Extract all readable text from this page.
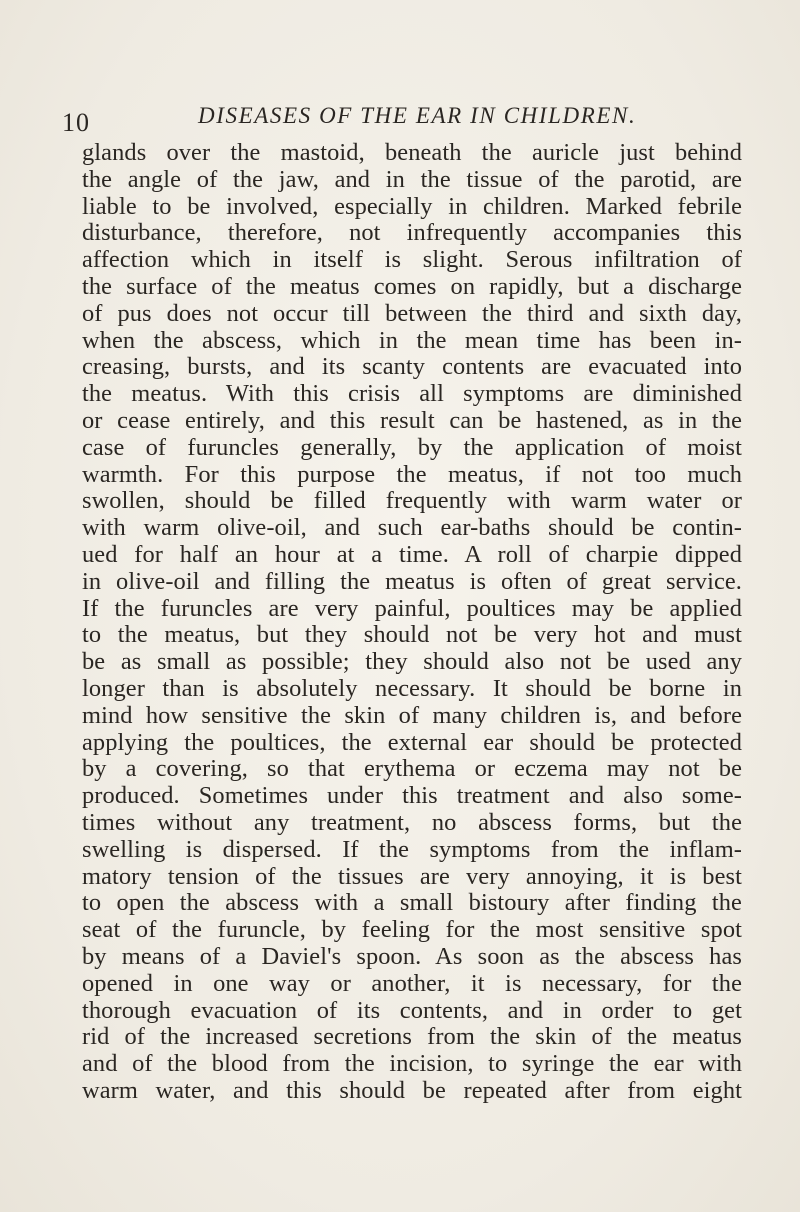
10	DISEASES OF THE EAR IN CHILDREN.
glands over the mastoid, beneath the auricle just behind
the angle of the jaw, and in the tissue of the parotid, are
liable to be involved, especially in children. Marked febrile
disturbance, therefore, not infrequently accompanies this
affection which in itself is slight. Serous infiltration of
the surface of the meatus comes on rapidly, but a discharge
of pus does not occur till between the third and sixth day,
when the abscess, which in the mean time has been in-
creasing, bursts, and its scanty contents are evacuated into
the meatus. With this crisis all symptoms are diminished
or cease entirely, and this result can be hastened, as in the
case of furuncles generally, by the application of moist
warmth. For this purpose the meatus, if not too much
swollen, should be filled frequently with warm water or
with warm olive-oil, and such ear-baths should be contin-
ued for half an hour at a time. A roll of charpie dipped
in olive-oil and filling the meatus is often of great service.
If the furuncles are very painful, poultices may be applied
to the meatus, but they should not be very hot and must
be as small as possible; they should also not be used any
longer than is absolutely necessary. It should be borne in
mind how sensitive the skin of many children is, and before
applying the poultices, the external ear should be protected
by a covering, so that erythema or eczema may not be
produced. Sometimes under this treatment and also some-
times without any treatment, no abscess forms, but the
swelling is dispersed. If the symptoms from the inflam-
matory tension of the tissues are very annoying, it is best
to open the abscess with a small bistoury after finding the
seat of the furuncle, by feeling for the most sensitive spot
by means of a Daviel's spoon. As soon as the abscess has
opened in one way or another, it is necessary, for the
thorough evacuation of its contents, and in order to get
rid of the increased secretions from the skin of the meatus
and of the blood from the incision, to syringe the ear with
warm water, and this should be repeated after from eight
